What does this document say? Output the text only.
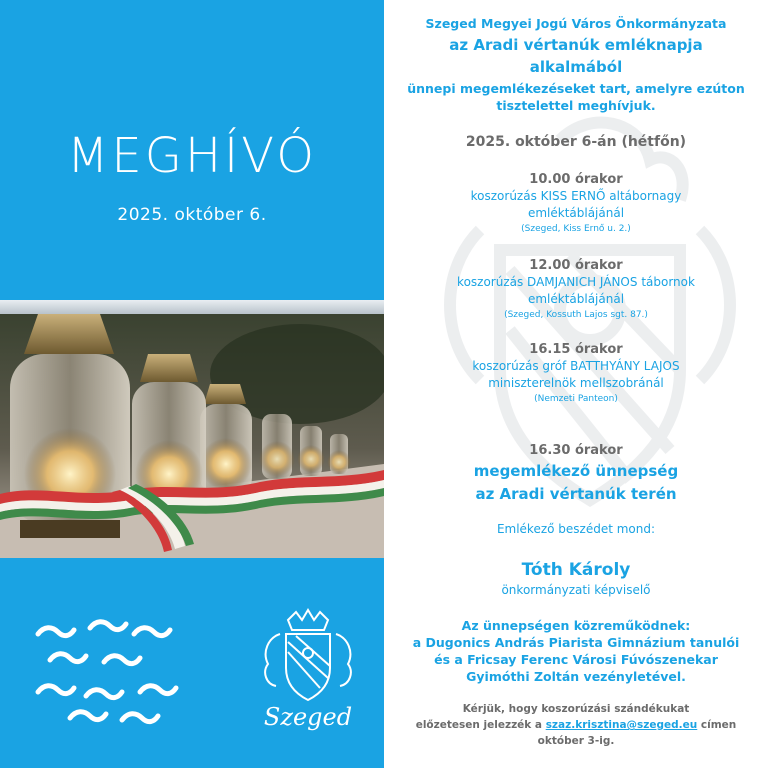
MEGHÍVÓ
2025. október 6.
Szeged
Szeged Megyei Jogú Város Önkormányzata
az Aradi vértanúk emléknapja
alkalmából
ünnepi megemlékezéseket tart, amelyre ezúton
tisztelettel meghívjuk.
2025. október 6-án (hétfőn)
10.00 órakor
koszorúzás KISS ERNŐ altábornagy
emléktáblájánál
(Szeged, Kiss Ernő u. 2.)
12.00 órakor
koszorúzás DAMJANICH JÁNOS tábornok
emléktáblájánál
(Szeged, Kossuth Lajos sgt. 87.)
16.15 órakor
koszorúzás gróf BATTHYÁNY LAJOS
miniszterelnök mellszobránál
(Nemzeti Panteon)
16.30 órakor
megemlékező ünnepség
az Aradi vértanúk terén
Emlékező beszédet mond:
Tóth Károly
önkormányzati képviselő
Az ünnepségen közreműködnek:
a Dugonics András Piarista Gimnázium tanulói
és a Fricsay Ferenc Városi Fúvószenekar
Gyimóthi Zoltán vezényletével.
Kérjük, hogy koszorúzási szándékukat
előzetesen jelezzék a szaz.krisztina@szeged.eu címen
október 3-ig.
